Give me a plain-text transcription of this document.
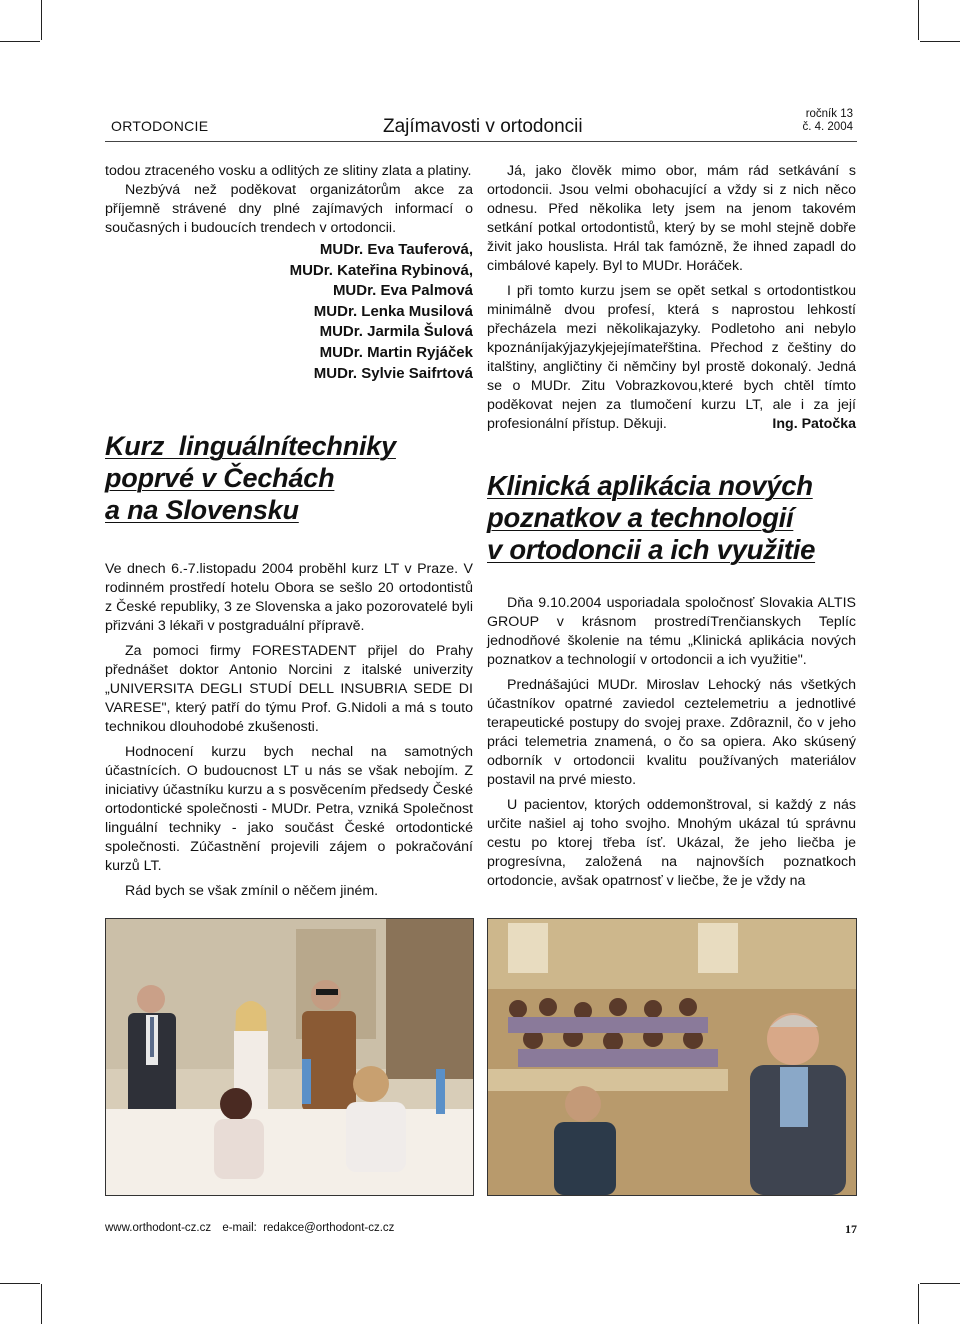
ORTODONCIE	Zajímavosti v ortodoncii
ročník 13
č. 4. 2004

todou ztraceného vosku a odlitých ze slitiny zlata a platiny.

Nezbývá než poděkovat organizátorům akce za příjemně strávené dny plné zajímavých informací o současných i budoucích trendech v ortodoncii.

MUDr. Eva Tauferová,
MUDr. Kateřina Rybinová,
MUDr. Eva Palmová
MUDr. Lenka Musilová
MUDr. Jarmila Šulová
MUDr. Martin Ryjáček
MUDr. Sylvie Saifrtová
Kurz  linguálnítechniky
poprvé v Čechách
a na Slovensku

Ve dnech 6.-7.listopadu 2004 proběhl kurz LT v Praze. V rodinném prostředí hotelu Obora se sešlo 20 ortodontistů z České republiky, 3 ze Slovenska a jako pozorovatelé byli přizváni 3 lékaři v postgraduální přípravě.

Za pomoci firmy FORESTADENT přijel do Prahy přednášet doktor Antonio Norcini z italské univerzity „UNIVERSITA DEGLI STUDÍ DELL INSUBRIA SEDE DI VARESE", který patří do týmu Prof. G.Nidoli a má s touto technikou dlouhodobé zkušenosti.

Hodnocení kurzu bych nechal na samotných účastnících. O budoucnost LT u nás se však nebojím. Z iniciativy účastníku kurzu a s posvěcením předsedy České ortodontické společnosti - MUDr. Petra, vzniká Společnost linguální techniky - jako součást České ortodontické společnosti. Zúčastnění projevili zájem o pokračování kurzů LT.

Rád bych se však zmínil o něčem jiném.

Já, jako člověk mimo obor, mám rád setkávání s ortodoncii. Jsou velmi obohacující a vždy si z nich něco odnesu. Před několika lety jsem na jenom takovém setkání potkal ortodontistů, který by se mohl stejně dobře živit jako houslista. Hrál tak famózně, že ihned zapadl do cimbálové kapely. Byl to MUDr. Horáček.

I při tomto kurzu jsem se opět setkal s ortodontistkou minimálně dvou profesí, která s naprostou lehkostí přecházela mezi několikajazyky. Podletoho ani nebylo kpoznáníjakýjazykjejejímateřština. Přechod z češtiny do italštiny, angličtiny či němčiny byl prostě dokonalý. Jedná se o MUDr. Zitu Vobrazkovou,které bych chtěl tímto poděkovat nejen za tlumočení kurzu LT, ale i za její profesionální přístup. Děkuji.	Ing. Patočka

Klinická aplikácia nových
poznatkov a technologií
v ortodoncii a ich využitie

Dňa 9.10.2004 usporiadala spoločnosť Slovakia ALTIS GROUP v krásnom prostredíTrenčianskych Teplíc jednodňové školenie na tému „Klinická aplikácia nových poznatkov a technologií v ortodoncii a ich využitie".

Prednášajúci MUDr. Miroslav Lehocký nás všetkých účastníkov opatrné zaviedol ceztelemetriu a jednotlivé terapeutické postupy do svojej praxe. Zdôraznil, čo v jeho práci telemetria znamená, o čo sa opiera. Ako skúsený odborník v ortodoncii kvalitu používaných materiálov postavil na prvé miesto.

U pacientov, ktorých oddemonštroval, si každý z nás určite našiel aj toho svojho. Mnohým ukázal tú správnu cestu po ktorej třeba ísť. Ukázal, že jeho liečba je progresívna, založená na najnovších poznatkoch ortodoncie, avšak opatrnosť v liečbe, že je vždy na

www.orthodont-cz.cz e-mail:  redakce@orthodont-cz.cz	17
